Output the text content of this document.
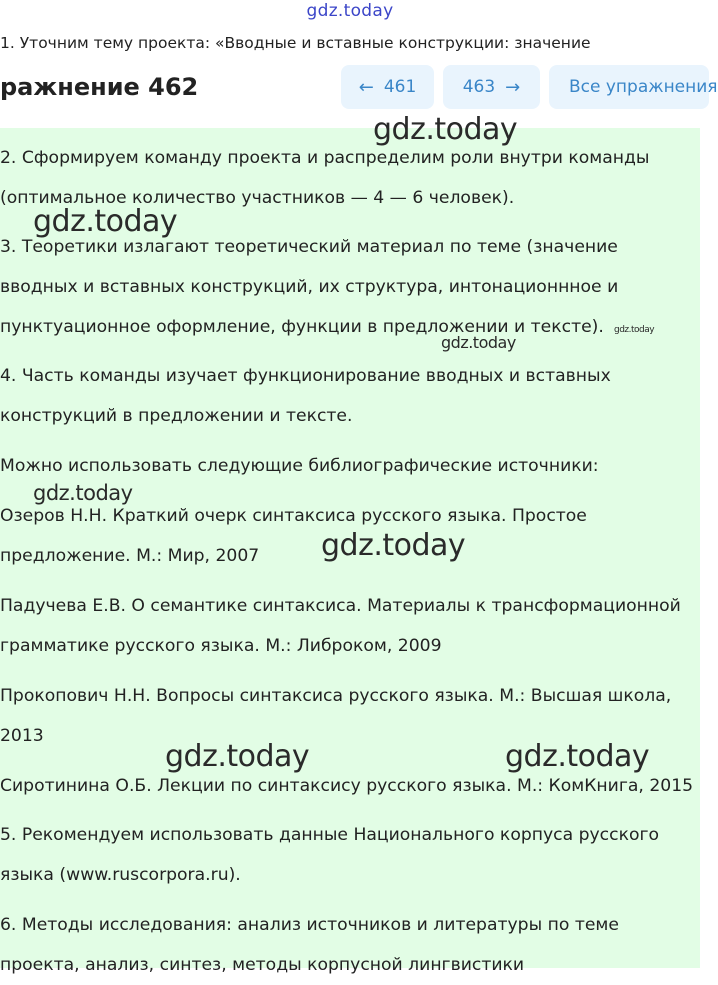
gdz.today
1. Уточним тему проекта: «Вводные и вставные конструкции: значение
ражнение 462	← 461	463 →	Все упражнения

2. Сформируем команду проекта и распределим роли внутри команды (оптимальное количество участников — 4 — 6 человек).

3. Теоретики излагают теоретический материал по теме (значение вводных и вставных конструкций, их структура, интонационнное и пунктуационное оформление, функции в предложении и тексте).

4. Часть команды изучает функционирование вводных и вставных конструкций в предложении и тексте.

Можно использовать следующие библиографические источники:

Озеров Н.Н. Краткий очерк синтаксиса русского языка. Простое предложение. М.: Мир, 2007

Падучева Е.В. О семантике синтаксиса. Материалы к трансформационной грамматике русского языка. М.: Либроком, 2009

Прокопович Н.Н. Вопросы синтаксиса русского языка. М.: Высшая школа, 2013

Сиротинина О.Б. Лекции по синтаксису русского языка. М.: КомКнига, 2015

5. Рекомендуем использовать данные Национального корпуса русского языка (www.ruscorpora.ru).

6. Методы исследования: анализ источников и литературы по теме проекта, анализ, синтез, методы корпусной лингвистики

gdz.today
gdz.today
gdz.today
gdz.today
gdz.today
gdz.today
gdz.today	gdz.today
